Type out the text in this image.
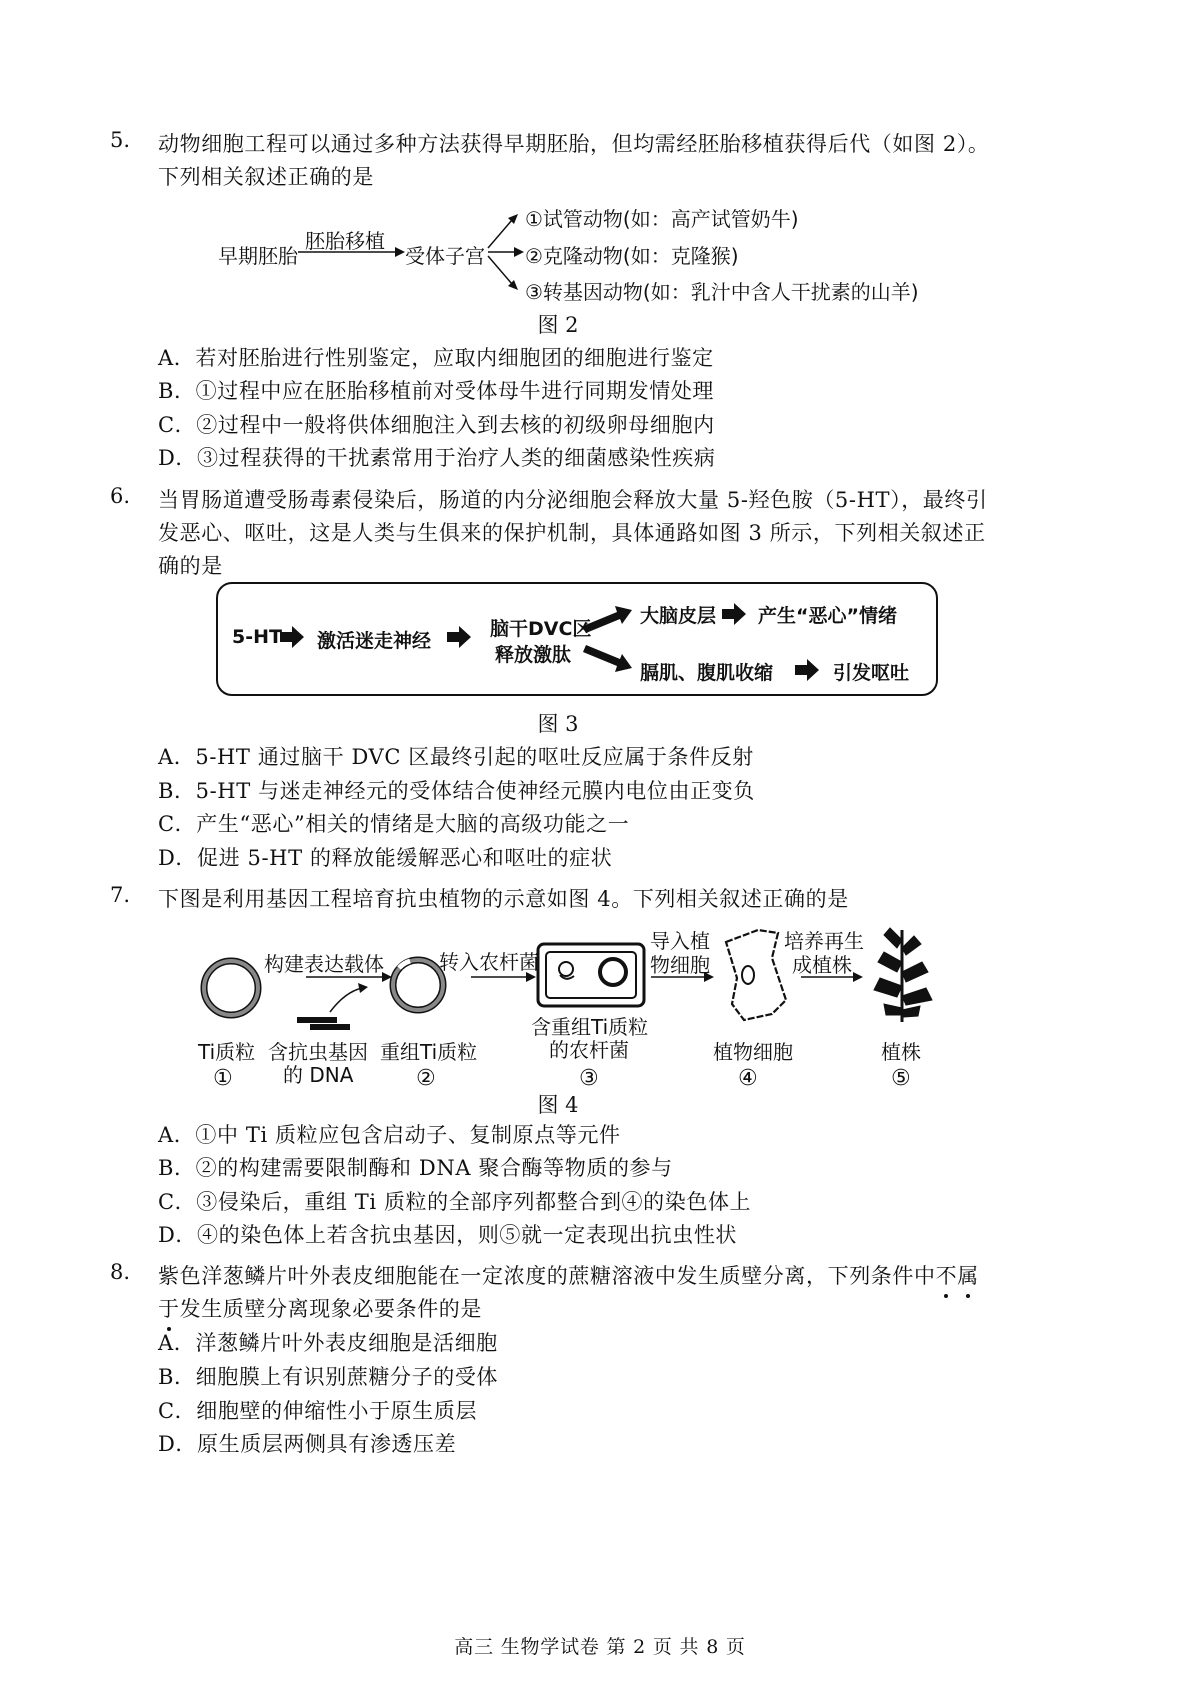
5. 动物细胞工程可以通过多种方法获得早期胚胎，但均需经胚胎移植获得后代（如图 2）。
下列相关叙述正确的是
早期胚胎
胚胎移植
受体子宫
①试管动物(如：高产试管奶牛)
②克隆动物(如：克隆猴)
③转基因动物(如：乳汁中含人干扰素的山羊)
图 2
A．若对胚胎进行性别鉴定，应取内细胞团的细胞进行鉴定
B．①过程中应在胚胎移植前对受体母牛进行同期发情处理
C．②过程中一般将供体细胞注入到去核的初级卵母细胞内
D．③过程获得的干扰素常用于治疗人类的细菌感染性疾病
6. 当胃肠道遭受肠毒素侵染后，肠道的内分泌细胞会释放大量 5-羟色胺（5-HT），最终引
发恶心、呕吐，这是人类与生俱来的保护机制，具体通路如图 3 所示，下列相关叙述正
确的是
5-HT 激活迷走神经
脑干DVC区
释放激肽
大脑皮层 产生“恶心”情绪
膈肌、腹肌收缩	引发呕吐
图 3
A．5-HT 通过脑干 DVC 区最终引起的呕吐反应属于条件反射
B．5-HT 与迷走神经元的受体结合使神经元膜内电位由正变负
C．产生“恶心”相关的情绪是大脑的高级功能之一
D．促进 5-HT 的释放能缓解恶心和呕吐的症状
7. 下图是利用基因工程培育抗虫植物的示意如图 4。下列相关叙述正确的是
构建表达载体	转入农杆菌
导入植
物细胞
培养再生
成植株
Ti质粒 含抗虫基因
的 DNA
重组Ti质粒
含重组Ti质粒
的农杆菌	植物细胞	植株
①	②	③	④	⑤
图 4
A．①中 Ti 质粒应包含启动子、复制原点等元件
B．②的构建需要限制酶和 DNA 聚合酶等物质的参与
C．③侵染后，重组 Ti 质粒的全部序列都整合到④的染色体上
D．④的染色体上若含抗虫基因，则⑤就一定表现出抗虫性状
8. 紫色洋葱鳞片叶外表皮细胞能在一定浓度的蔗糖溶液中发生质壁分离，下列条件中不
属
于
发生质壁分离现象必要条件的是
A．洋葱鳞片叶外表皮细胞是活细胞
B．细胞膜上有识别蔗糖分子的受体
C．细胞壁的伸缩性小于原生质层
D．原生质层两侧具有渗透压差
高三 生物学试卷 第 2 页 共 8 页
